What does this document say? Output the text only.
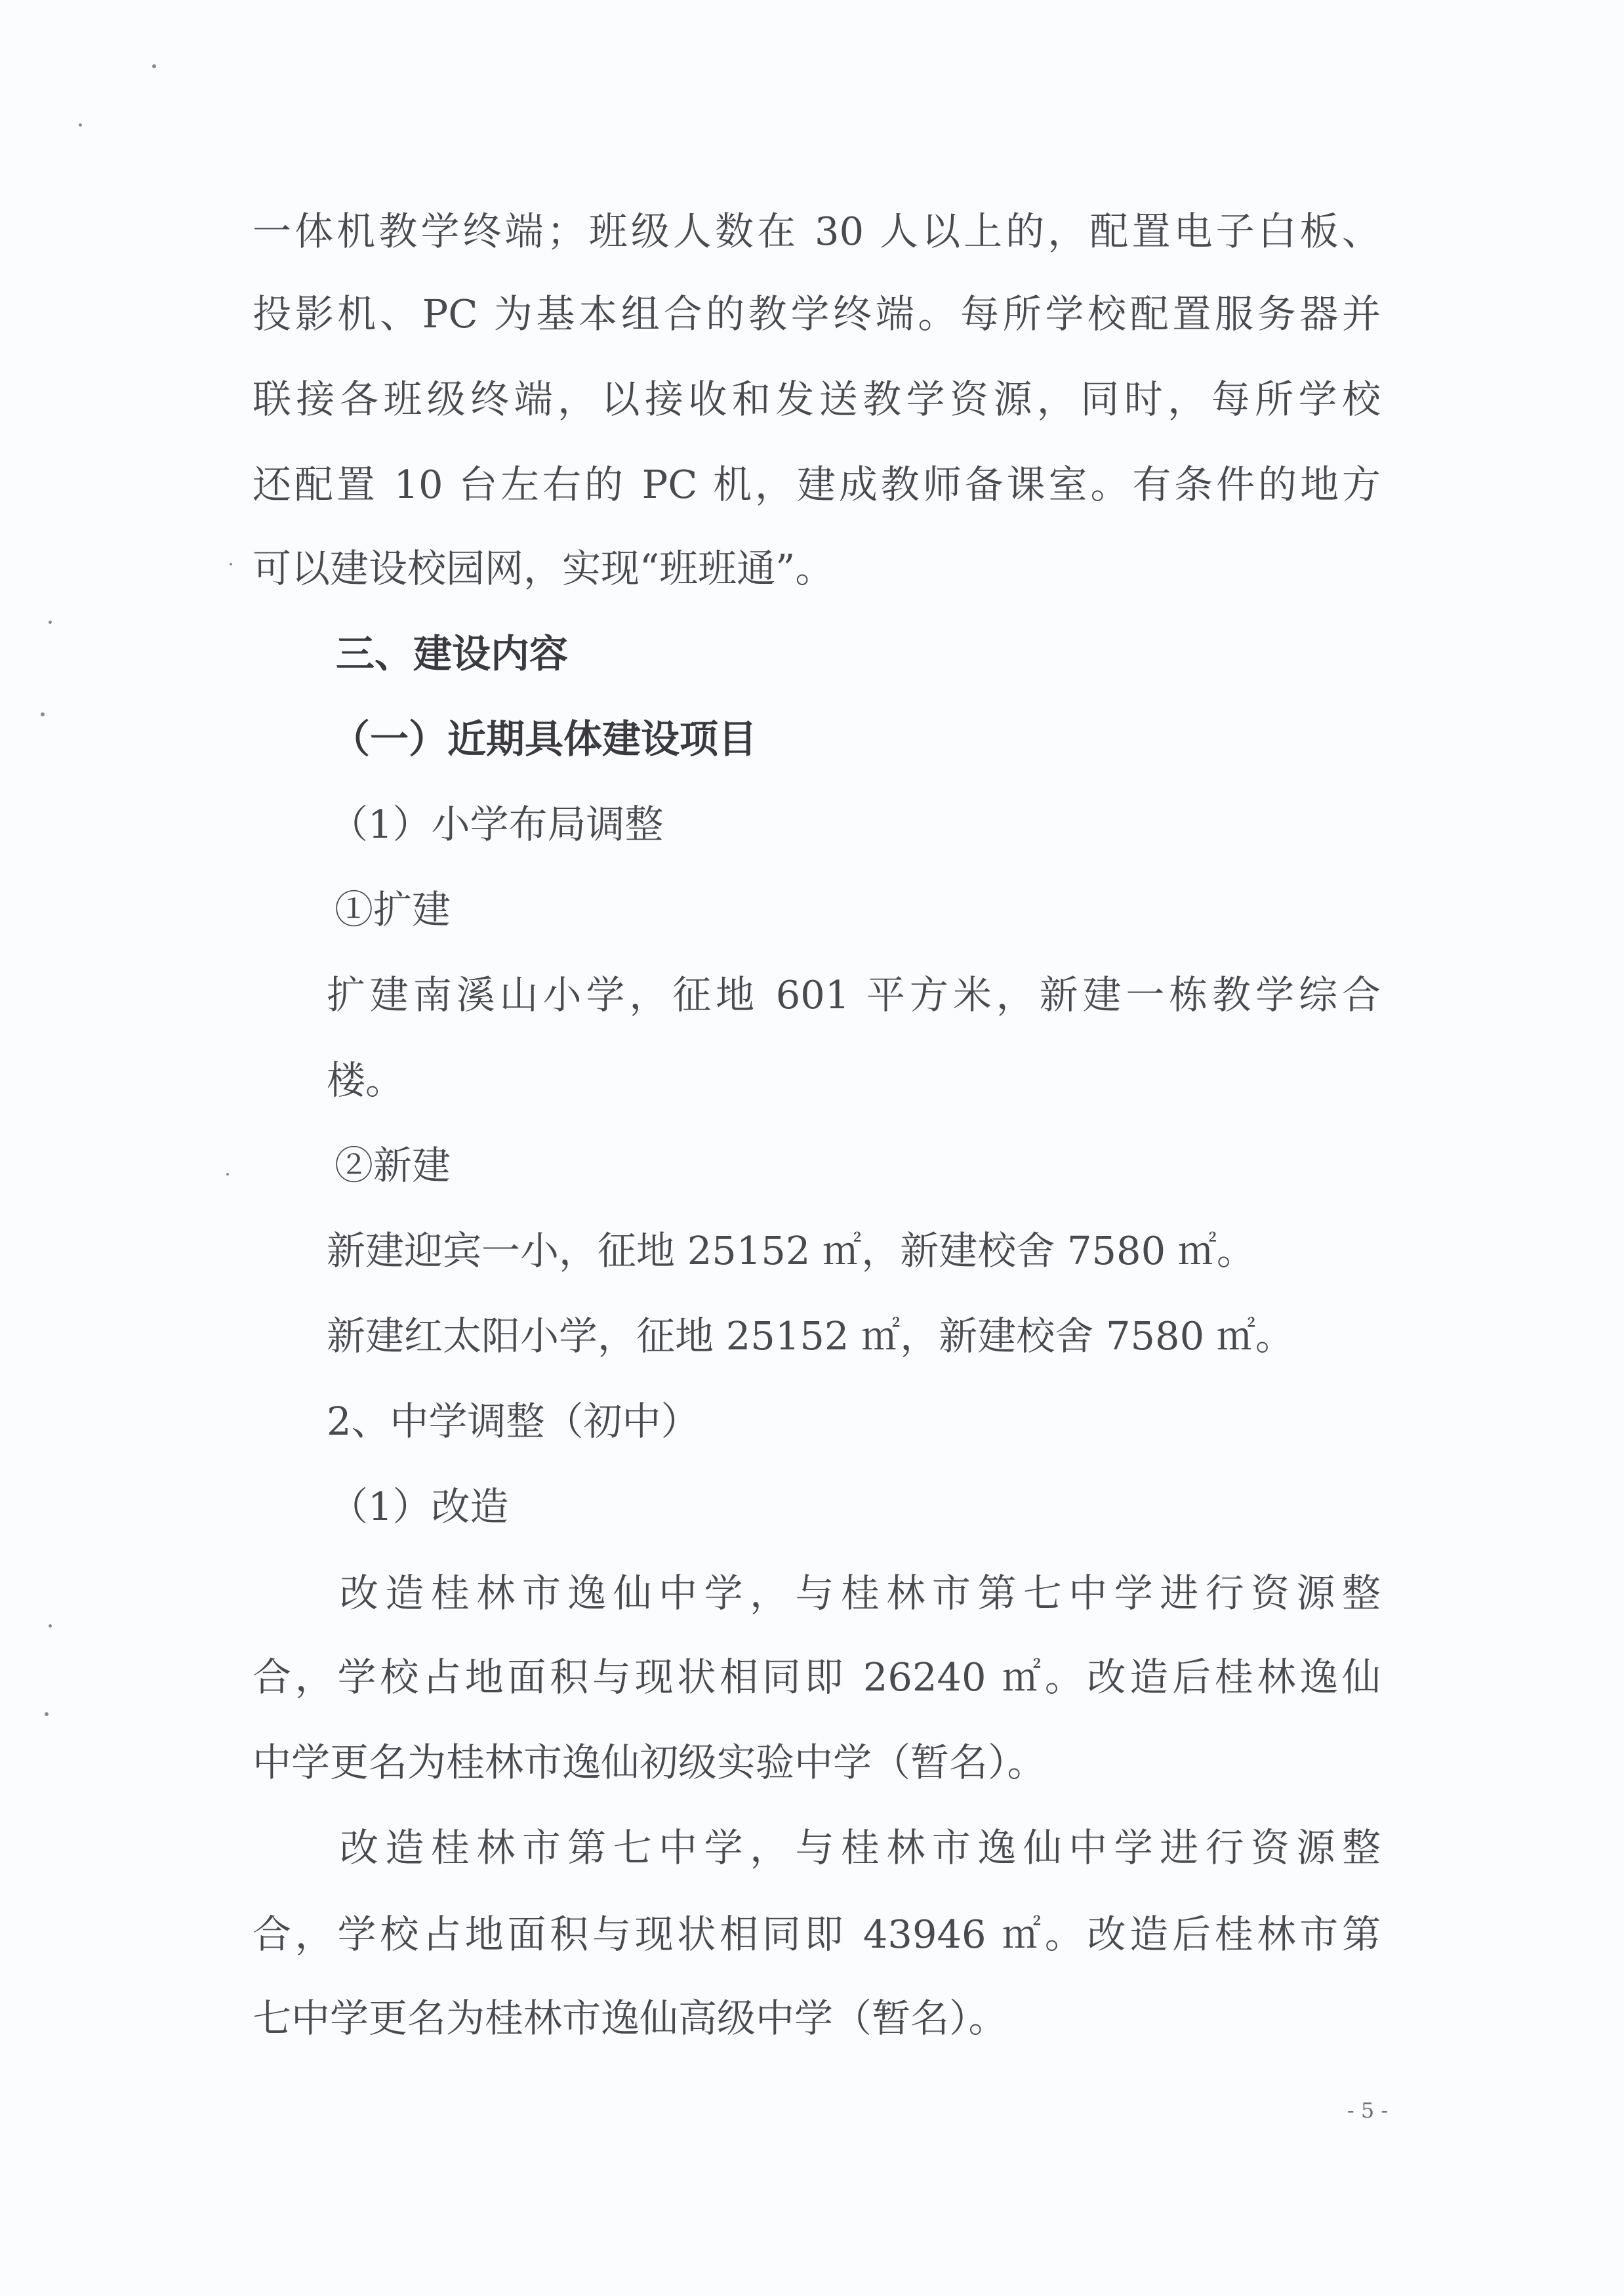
一体机教学终端；班级人数在 30 人以上的，配置电子白板、
投影机、PC 为基本组合的教学终端。每所学校配置服务器并
联接各班级终端，以接收和发送教学资源，同时，每所学校
还配置 10 台左右的 PC 机，建成教师备课室。有条件的地方
可以建设校园网，实现“班班通”。
三、建设内容
（一）近期具体建设项目
（1）小学布局调整
①扩建
扩建南溪山小学，征地 601 平方米，新建一栋教学综合
楼。
②新建
新建迎宾一小，征地 25152 ㎡，新建校舍 7580 ㎡。
新建红太阳小学，征地 25152 ㎡，新建校舍 7580 ㎡。
2、中学调整（初中）
（1）改造
改造桂林市逸仙中学，与桂林市第七中学进行资源整
合，学校占地面积与现状相同即 26240 ㎡。改造后桂林逸仙
中学更名为桂林市逸仙初级实验中学（暂名）。
改造桂林市第七中学，与桂林市逸仙中学进行资源整
合，学校占地面积与现状相同即 43946 ㎡。改造后桂林市第
七中学更名为桂林市逸仙高级中学（暂名）。
- 5 -
